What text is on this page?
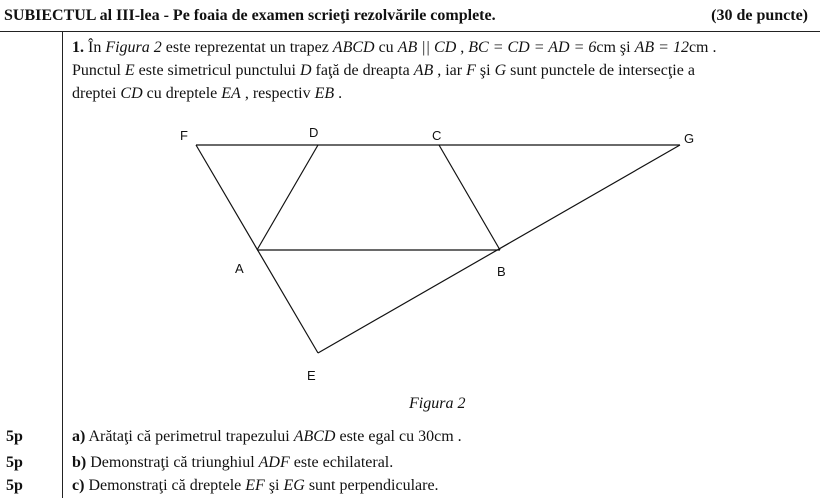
SUBIECTUL al III-lea - Pe foaia de examen scrieţi rezolvările complete.	(30 de puncte)
1. În Figura 2 este reprezentat un trapez ABCD cu AB || CD , BC = CD = AD = 6cm şi AB = 12cm .
Punctul E este simetricul punctului D faţă de dreapta AB , iar F şi G sunt punctele de intersecţie a
dreptei CD cu dreptele EA , respectiv EB .
F	D	C	G
A	B
E
Figura 2
5p	a) Arătaţi că perimetrul trapezului ABCD este egal cu 30cm .
5p	b) Demonstraţi că triunghiul ADF este echilateral.
5p	c) Demonstraţi că dreptele EF şi EG sunt perpendiculare.
